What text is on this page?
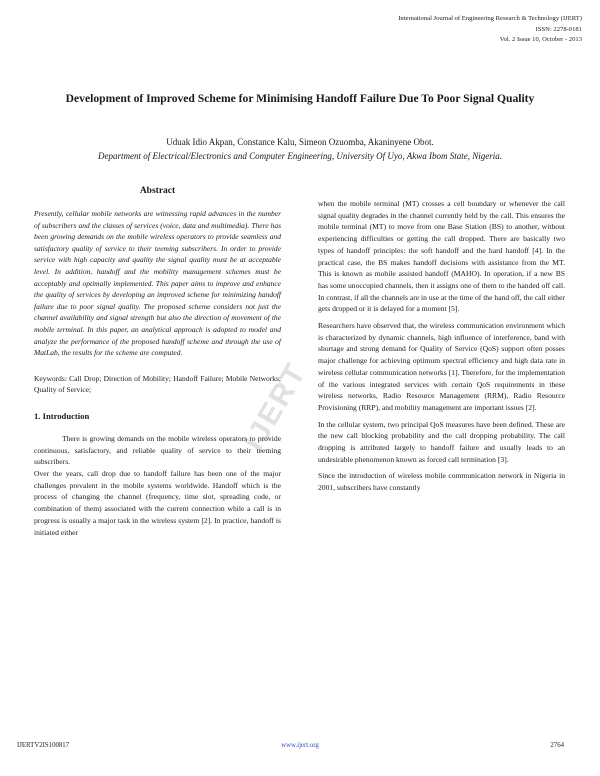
International Journal of Engineering Research & Technology (IJERT)
ISSN: 2278-0181
Vol. 2 Issue 10, October - 2013
Development of Improved Scheme for Minimising Handoff Failure Due To Poor Signal Quality
Uduak Idio Akpan, Constance Kalu, Simeon Ozuomba, Akaninyene Obot.
Department of Electrical/Electronics and Computer Engineering, University Of Uyo, Akwa Ibom State, Nigeria.
Abstract

Presently, cellular mobile networks are witnessing rapid advances in the number of subscribers and the classes of services (voice, data and multimedia). There has been growing demands on the mobile wireless operators to provide seamless and satisfactory quality of service to their teeming subscribers. In order to provide service with high capacity and quality the signal quality must be at acceptable level. In addition, handoff and the mobility management schemes must be acceptably and optimally implemented. This paper aims to improve and enhance the quality of services by developing an improved scheme for minimizing handoff failure due to poor signal quality. The proposed scheme considers not just the channel availability and signal strength but also the direction of movement of the mobile terminal. In this paper, an analytical approach is adopted to model and analyze the performance of the proposed handoff scheme and through the use of MatLab, the results for the scheme are computed.

Keywords: Call Drop; Direction of Mobility; Handoff Failure; Mobile Networks; Quality of Service;

1. Introduction

There is growing demands on the mobile wireless operators to provide continuous, satisfactory, and reliable quality of service to their teeming subscribers.

Over the years, call drop due to handoff failure has been one of the major challenges prevalent in the mobile systems worldwide. Handoff which is the process of changing the channel (frequency, time slot, spreading code, or combination of them) associated with the current connection while a call is in progress is usually a major task in the wireless system [2]. In practice, handoff is initiated either

when the mobile terminal (MT) crosses a cell boundary or whenever the call signal quality degrades in the channel currently held by the call. This ensures the mobile terminal (MT) to move from one Base Station (BS) to another, without experiencing difficulties or getting the call dropped. There are basically two types of handoff principles: the soft handoff and the hard handoff [4]. In the practical case, the BS makes handoff decisions with assistance from the MT. This is known as mobile assisted handoff (MAHO). In operation, if a new BS has some unoccupied channels, then it assigns one of them to the handed off call. In contrast, if all the channels are in use at the time of the hand off, the call either gets dropped or it is delayed for a moment [5].

Researchers have observed that, the wireless communication environment which is characterized by dynamic channels, high influence of interference, band with shortage and strong demand for Quality of Service (QoS) support often posses major challenge for achieving optimum spectral efficiency and high data rate in wireless cellular communication networks [1]. Therefore, for the implementation of the various integrated services with certain QoS requirements in these wireless networks, Radio Resource Management (RRM), Radio Resource Provisioning (RRP), and mobility management are important issues [2].

In the cellular system, two principal QoS measures have been defined. These are the new call blocking probability and the call dropping probability. The call dropping is attributed largely to handoff failure and usually leads to an undesirable phenomenon known as forced call termination [3].

Since the introduction of wireless mobile communication network in Nigeria in 2001, subscribers have constantly

IJERT
IJERTV2IS100817	www.ijert.org	2764
